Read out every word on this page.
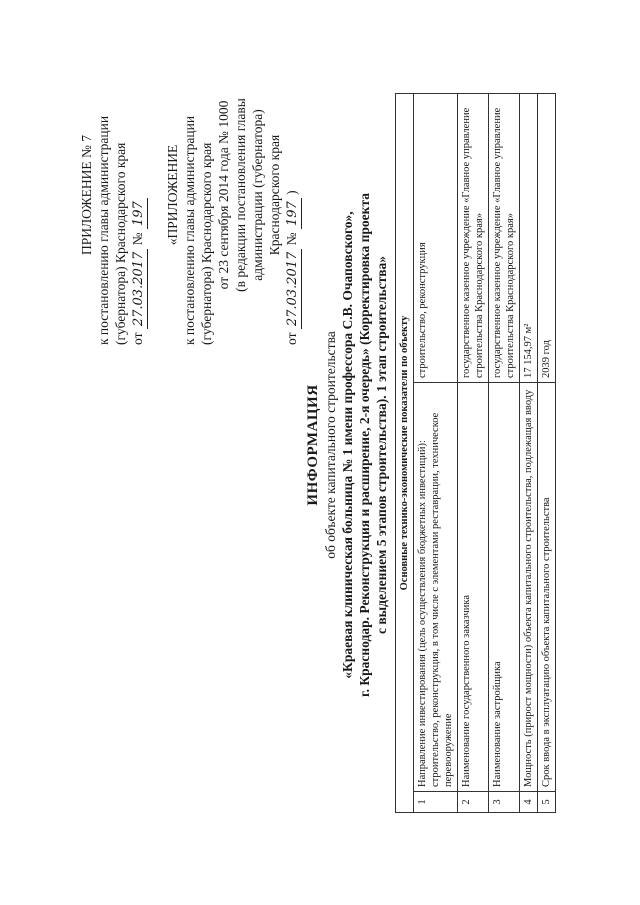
ПРИЛОЖЕНИЕ № 7 к постановлению главы администрации (губернатора) Краснодарского края от 27.03.2017 № 197 «ПРИЛОЖЕНИЕ к постановлению главы администрации (губернатора) Краснодарского края от 23 сентября 2014 года № 1000 (в редакции постановления главы администрации (губернатора) Краснодарского края
от 27.03.2017 № 197 )
ИНФОРМАЦИЯ об объекте капитального строительства «Краевая клиническая больница № 1 имени профессора С.В. Очаповского», г. Краснодар. Реконструкция и расширение, 2-я очередь» (Корректировка проекта с выделением 5 этапов строительства). 1 этап строительства» Основные технико-экономические показатели по объекту		
1	Направление инвестирования (цель осуществления бюджетных инвестиций): строительство, реконструкция, в том числе с элементами реставрации, техническое перевооружение	строительство, реконструкция
2	Наименование государственного заказчика	государственное казенное учреждение «Главное управление строительства Краснодарского края»
3	Наименование застройщика	государственное казенное учреждение «Главное управление строительства Краснодарского края»
4	Мощность (прирост мощности) объекта капитального строительства, подлежащая вводу	17 154,97 м²
5	Срок ввода в эксплуатацию объекта капитального строительства	2039 год
